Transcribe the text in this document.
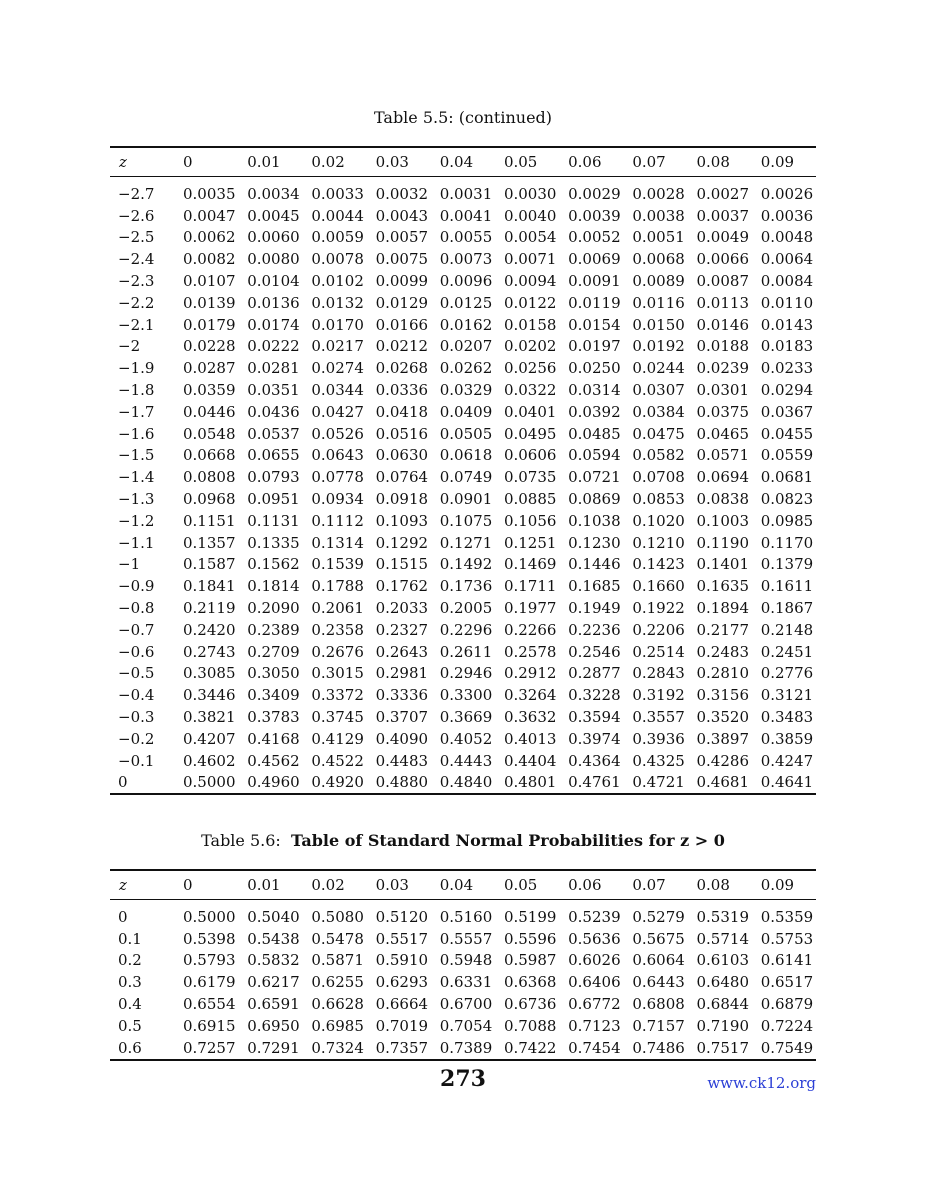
Table 5.5: (continued)
z	0	0.01	0.02	0.03	0.04	0.05	0.06	0.07	0.08	0.09
−2.7	0.0035	0.0034	0.0033	0.0032	0.0031	0.0030	0.0029	0.0028	0.0027	0.0026
−2.6	0.0047	0.0045	0.0044	0.0043	0.0041	0.0040	0.0039	0.0038	0.0037	0.0036
−2.5	0.0062	0.0060	0.0059	0.0057	0.0055	0.0054	0.0052	0.0051	0.0049	0.0048
−2.4	0.0082	0.0080	0.0078	0.0075	0.0073	0.0071	0.0069	0.0068	0.0066	0.0064
−2.3	0.0107	0.0104	0.0102	0.0099	0.0096	0.0094	0.0091	0.0089	0.0087	0.0084
−2.2	0.0139	0.0136	0.0132	0.0129	0.0125	0.0122	0.0119	0.0116	0.0113	0.0110
−2.1	0.0179	0.0174	0.0170	0.0166	0.0162	0.0158	0.0154	0.0150	0.0146	0.0143
−2	0.0228	0.0222	0.0217	0.0212	0.0207	0.0202	0.0197	0.0192	0.0188	0.0183
−1.9	0.0287	0.0281	0.0274	0.0268	0.0262	0.0256	0.0250	0.0244	0.0239	0.0233
−1.8	0.0359	0.0351	0.0344	0.0336	0.0329	0.0322	0.0314	0.0307	0.0301	0.0294
−1.7	0.0446	0.0436	0.0427	0.0418	0.0409	0.0401	0.0392	0.0384	0.0375	0.0367
−1.6	0.0548	0.0537	0.0526	0.0516	0.0505	0.0495	0.0485	0.0475	0.0465	0.0455
−1.5	0.0668	0.0655	0.0643	0.0630	0.0618	0.0606	0.0594	0.0582	0.0571	0.0559
−1.4	0.0808	0.0793	0.0778	0.0764	0.0749	0.0735	0.0721	0.0708	0.0694	0.0681
−1.3	0.0968	0.0951	0.0934	0.0918	0.0901	0.0885	0.0869	0.0853	0.0838	0.0823
−1.2	0.1151	0.1131	0.1112	0.1093	0.1075	0.1056	0.1038	0.1020	0.1003	0.0985
−1.1	0.1357	0.1335	0.1314	0.1292	0.1271	0.1251	0.1230	0.1210	0.1190	0.1170
−1	0.1587	0.1562	0.1539	0.1515	0.1492	0.1469	0.1446	0.1423	0.1401	0.1379
−0.9	0.1841	0.1814	0.1788	0.1762	0.1736	0.1711	0.1685	0.1660	0.1635	0.1611
−0.8	0.2119	0.2090	0.2061	0.2033	0.2005	0.1977	0.1949	0.1922	0.1894	0.1867
−0.7	0.2420	0.2389	0.2358	0.2327	0.2296	0.2266	0.2236	0.2206	0.2177	0.2148
−0.6	0.2743	0.2709	0.2676	0.2643	0.2611	0.2578	0.2546	0.2514	0.2483	0.2451
−0.5	0.3085	0.3050	0.3015	0.2981	0.2946	0.2912	0.2877	0.2843	0.2810	0.2776
−0.4	0.3446	0.3409	0.3372	0.3336	0.3300	0.3264	0.3228	0.3192	0.3156	0.3121
−0.3	0.3821	0.3783	0.3745	0.3707	0.3669	0.3632	0.3594	0.3557	0.3520	0.3483
−0.2	0.4207	0.4168	0.4129	0.4090	0.4052	0.4013	0.3974	0.3936	0.3897	0.3859
−0.1	0.4602	0.4562	0.4522	0.4483	0.4443	0.4404	0.4364	0.4325	0.4286	0.4247
0	0.5000	0.4960	0.4920	0.4880	0.4840	0.4801	0.4761	0.4721	0.4681	0.4641
Table 5.6: Table of Standard Normal Probabilities for z > 0
z	0	0.01	0.02	0.03	0.04	0.05	0.06	0.07	0.08	0.09
0	0.5000	0.5040	0.5080	0.5120	0.5160	0.5199	0.5239	0.5279	0.5319	0.5359
0.1	0.5398	0.5438	0.5478	0.5517	0.5557	0.5596	0.5636	0.5675	0.5714	0.5753
0.2	0.5793	0.5832	0.5871	0.5910	0.5948	0.5987	0.6026	0.6064	0.6103	0.6141
0.3	0.6179	0.6217	0.6255	0.6293	0.6331	0.6368	0.6406	0.6443	0.6480	0.6517
0.4	0.6554	0.6591	0.6628	0.6664	0.6700	0.6736	0.6772	0.6808	0.6844	0.6879
0.5	0.6915	0.6950	0.6985	0.7019	0.7054	0.7088	0.7123	0.7157	0.7190	0.7224
0.6	0.7257	0.7291	0.7324	0.7357	0.7389	0.7422	0.7454	0.7486	0.7517	0.7549
273	www.ck12.org
